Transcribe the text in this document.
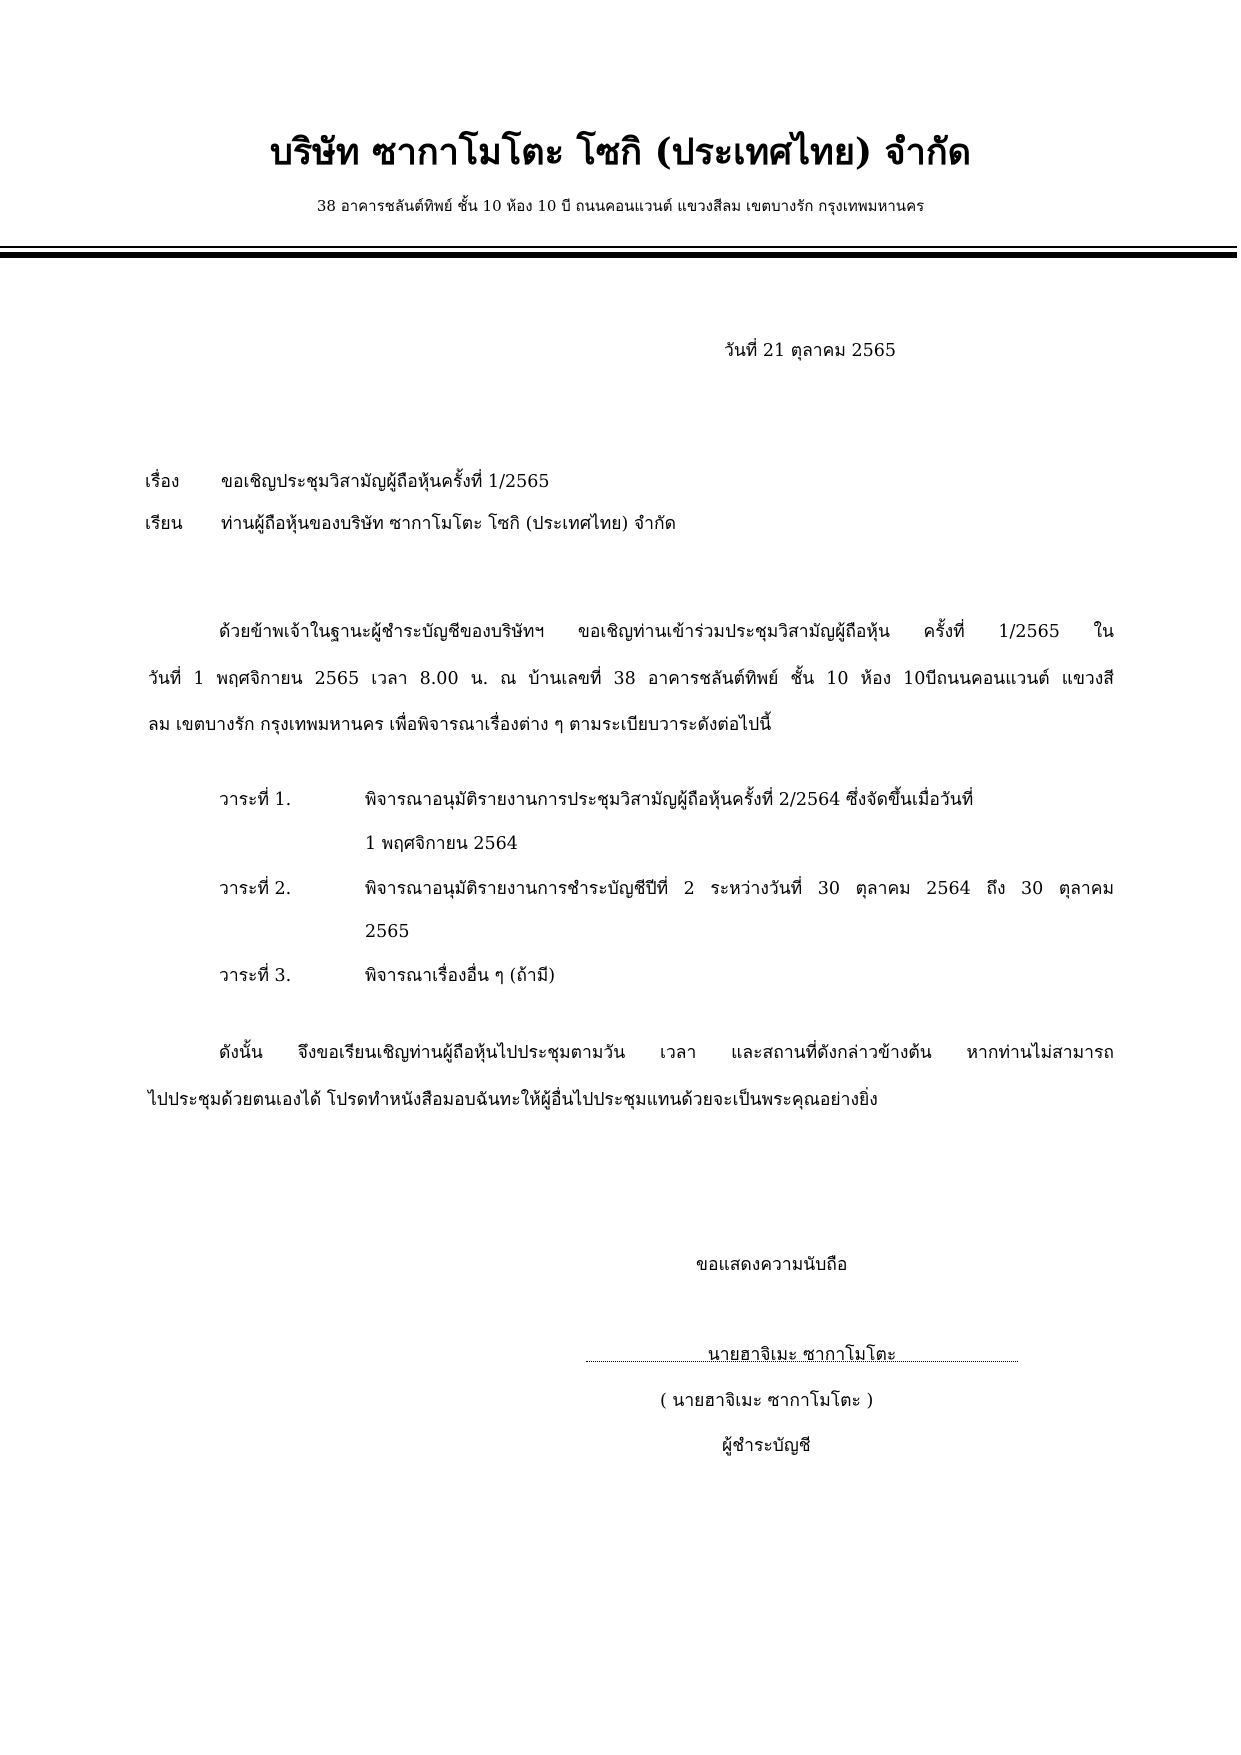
บริษัท ซากาโมโตะ โซกิ (ประเทศไทย) จำกัด
38 อาคารชลันต์ทิพย์ ชั้น 10 ห้อง 10 บี ถนนคอนแวนต์ แขวงสีลม เขตบางรัก กรุงเทพมหานคร
วันที่ 21 ตุลาคม 2565
เรื่อง ขอเชิญประชุมวิสามัญผู้ถือหุ้นครั้งที่ 1/2565
เรียน ท่านผู้ถือหุ้นของบริษัท ซากาโมโตะ โซกิ (ประเทศไทย) จำกัด
ด้วยข้าพเจ้าในฐานะผู้ชำระบัญชีของบริษัทฯ ขอเชิญท่านเข้าร่วมประชุมวิสามัญผู้ถือหุ้น ครั้งที่ 1/2565 ใน
วันที่ 1 พฤศจิกายน 2565 เวลา 8.00 น. ณ บ้านเลขที่ 38 อาคารชลันต์ทิพย์ ชั้น 10 ห้อง 10บีถนนคอนแวนต์ แขวงสี
ลม เขตบางรัก กรุงเทพมหานคร เพื่อพิจารณาเรื่องต่าง ๆ ตามระเบียบวาระดังต่อไปนี้
วาระที่ 1.	พิจารณาอนุมัติรายงานการประชุมวิสามัญผู้ถือหุ้นครั้งที่ 2/2564 ซึ่งจัดขึ้นเมื่อวันที่
1 พฤศจิกายน 2564
วาระที่ 2.	พิจารณาอนุมัติรายงานการชำระบัญชีปีที่ 2 ระหว่างวันที่ 30 ตุลาคม 2564 ถึง 30 ตุลาคม
2565
วาระที่ 3.	พิจารณาเรื่องอื่น ๆ (ถ้ามี)
ดังนั้น จึงขอเรียนเชิญท่านผู้ถือหุ้นไปประชุมตามวัน เวลา และสถานที่ดังกล่าวข้างต้น หากท่านไม่สามารถ
ไปประชุมด้วยตนเองได้ โปรดทำหนังสือมอบฉันทะให้ผู้อื่นไปประชุมแทนด้วยจะเป็นพระคุณอย่างยิ่ง
ขอแสดงความนับถือ
นายฮาจิเมะ ซากาโมโตะ
( นายฮาจิเมะ ซากาโมโตะ )
ผู้ชำระบัญชี
